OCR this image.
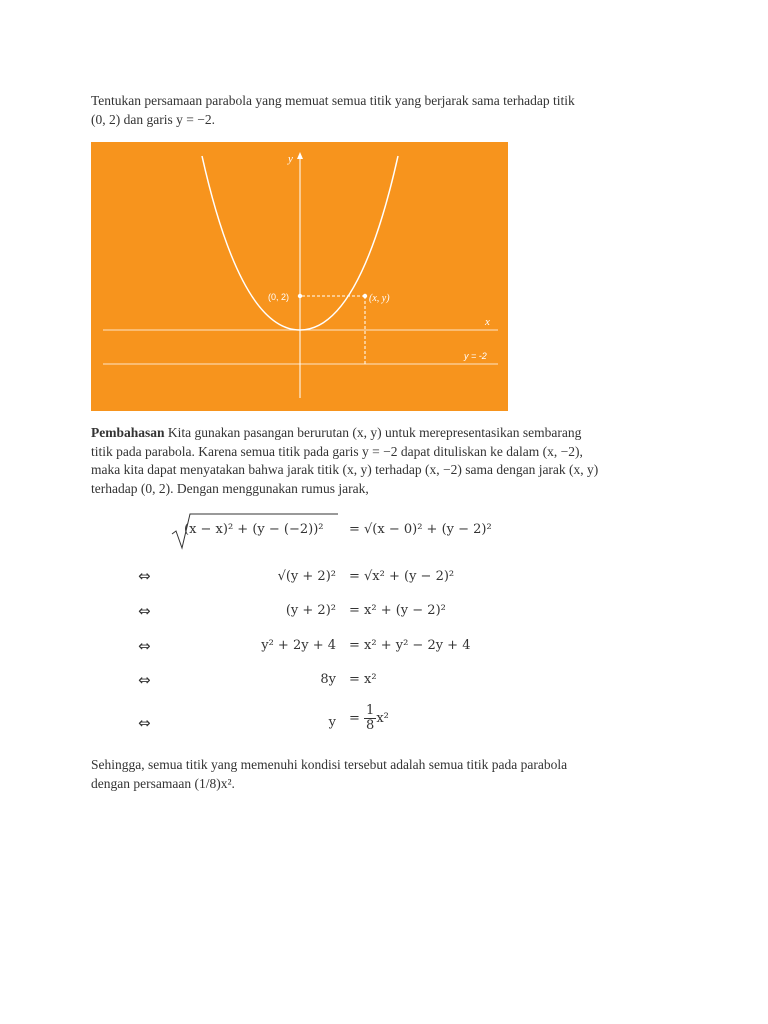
Tentukan persamaan parabola yang memuat semua titik yang berjarak sama terhadap titik
(0, 2) dan garis y = −2.
y
x
(0, 2)	(x, y)
y = -2
Pembahasan Kita gunakan pasangan berurutan (x, y) untuk merepresentasikan sembarang
titik pada parabola. Karena semua titik pada garis y = −2 dapat dituliskan ke dalam (x, −2),
maka kita dapat menyatakan bahwa jarak titik (x, y) terhadap (x, −2) sama dengan jarak (x, y)
terhadap (0, 2). Dengan menggunakan rumus jarak,
(x − x)² + (y − (−2))² = √(x − 0)² + (y − 2)²
⇔	√(y + 2)² = √x² + (y − 2)²
⇔	(y + 2)² = x² + (y − 2)²
⇔	y² + 2y + 4 = x² + y² − 2y + 4
⇔	8y = x²
⇔	$y = \frac{1}{8} x^2$
Sehingga, semua titik yang memenuhi kondisi tersebut adalah semua titik pada parabola
dengan persamaan (1/8)x².
